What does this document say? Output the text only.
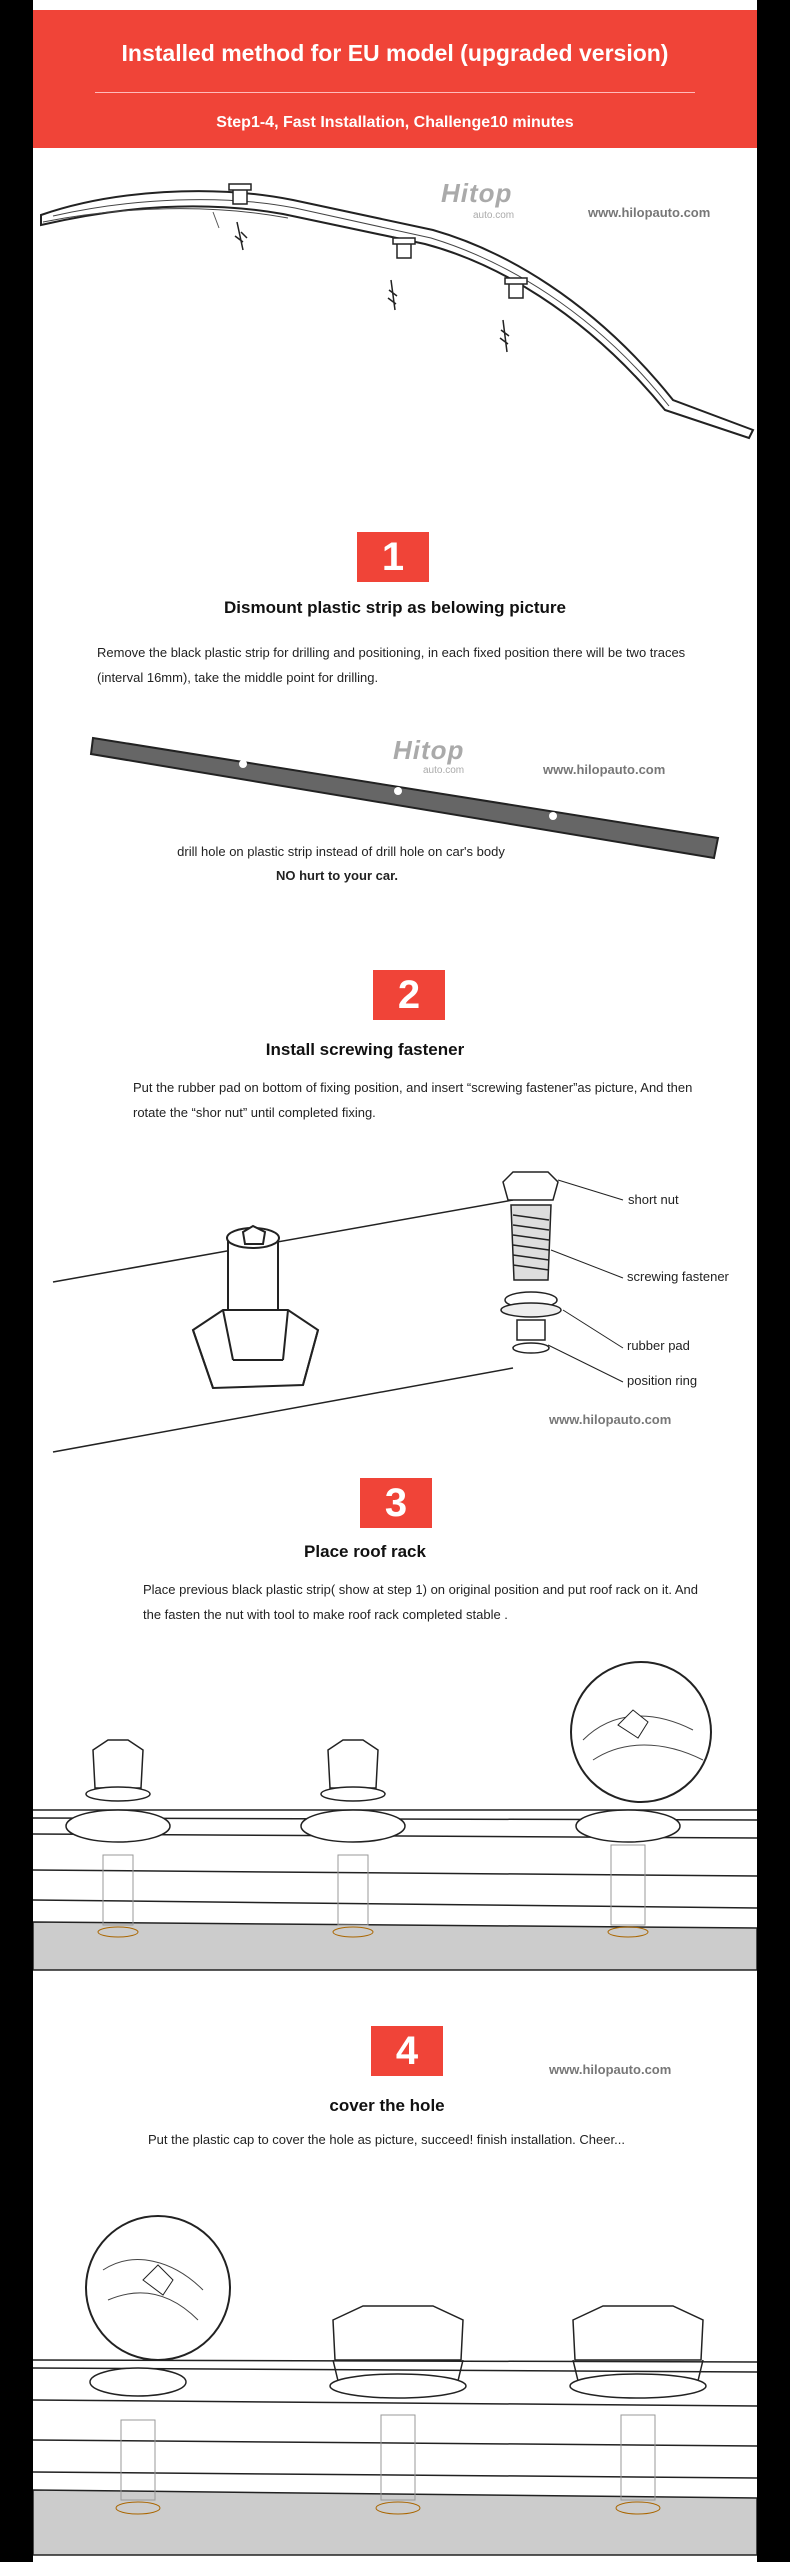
Installed method for EU model (upgraded version)
Step1-4, Fast Installation, Challenge10 minutes
Hitop
auto.com	www.hilopauto.com
1
Dismount plastic strip as belowing picture
Remove the black plastic strip for drilling and positioning, in each fixed position there will be two traces (interval 16mm), take the middle point for drilling.
Hitop
auto.com	www.hilopauto.com
drill hole on plastic strip instead of drill hole on car's body
NO hurt to your car.
2
Install screwing fastener
Put the rubber pad on bottom of fixing position, and insert “screwing fastener”as picture, And then rotate the “shor nut” until completed fixing.
short nut
screwing fastener
rubber pad
position ring
www.hilopauto.com
3
Place roof rack
Place previous black plastic strip( show at step 1) on original position and put roof rack on it. And the fasten the nut with tool to make roof rack completed stable .
4	www.hilopauto.com
cover the hole
Put the plastic cap to cover the hole as picture, succeed! finish installation. Cheer...
